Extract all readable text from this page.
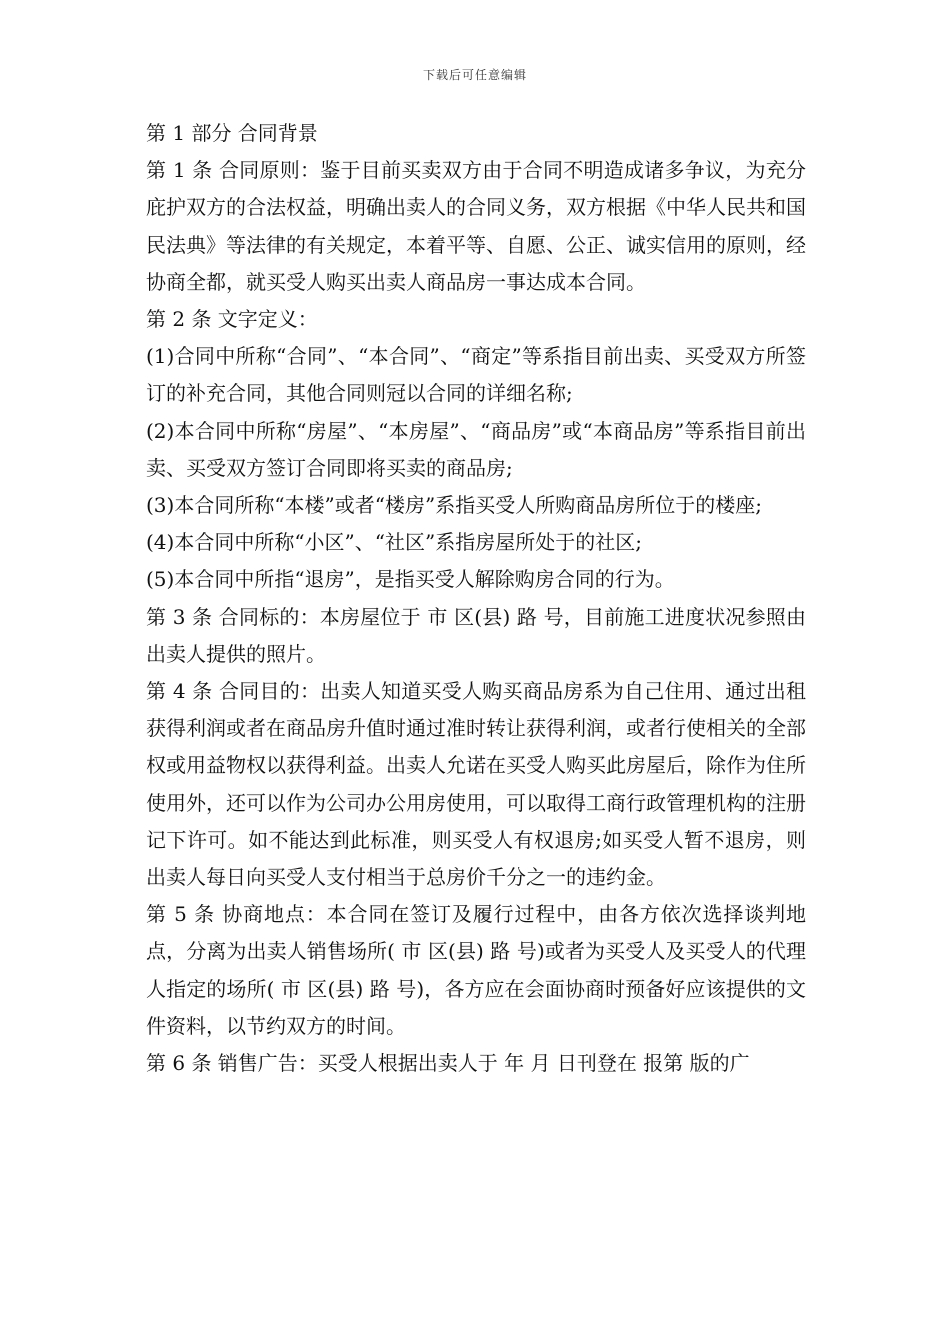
下载后可任意编辑

第 1 部分 合同背景

第 1 条 合同原则：鉴于目前买卖双方由于合同不明造成诸多争议，为充分庇护双方的合法权益，明确出卖人的合同义务，双方根据《中华人民共和国民法典》等法律的有关规定，本着平等、自愿、公正、诚实信用的原则，经协商全都，就买受人购买出卖人商品房一事达成本合同。

第 2 条 文字定义：

(1)合同中所称“合同”、“本合同”、“商定”等系指目前出卖、买受双方所签订的补充合同，其他合同则冠以合同的详细名称;

(2)本合同中所称“房屋”、“本房屋”、“商品房”或“本商品房”等系指目前出卖、买受双方签订合同即将买卖的商品房;

(3)本合同所称“本楼”或者“楼房”系指买受人所购商品房所位于的楼座;

(4)本合同中所称“小区”、“社区”系指房屋所处于的社区;

(5)本合同中所指“退房”，是指买受人解除购房合同的行为。

第 3 条 合同标的：本房屋位于 市 区(县) 路 号，目前施工进度状况参照由出卖人提供的照片。

第 4 条 合同目的：出卖人知道买受人购买商品房系为自己住用、通过出租获得利润或者在商品房升值时通过准时转让获得利润，或者行使相关的全部权或用益物权以获得利益。出卖人允诺在买受人购买此房屋后，除作为住所使用外，还可以作为公司办公用房使用，可以取得工商行政管理机构的注册记下许可。如不能达到此标准，则买受人有权退房;如买受人暂不退房，则出卖人每日向买受人支付相当于总房价千分之一的违约金。

第 5 条 协商地点：本合同在签订及履行过程中，由各方依次选择谈判地点，分离为出卖人销售场所( 市 区(县) 路 号)或者为买受人及买受人的代理人指定的场所( 市 区(县) 路 号)，各方应在会面协商时预备好应该提供的文件资料，以节约双方的时间。

第 6 条 销售广告：买受人根据出卖人于 年 月 日刊登在 报第 版的广
